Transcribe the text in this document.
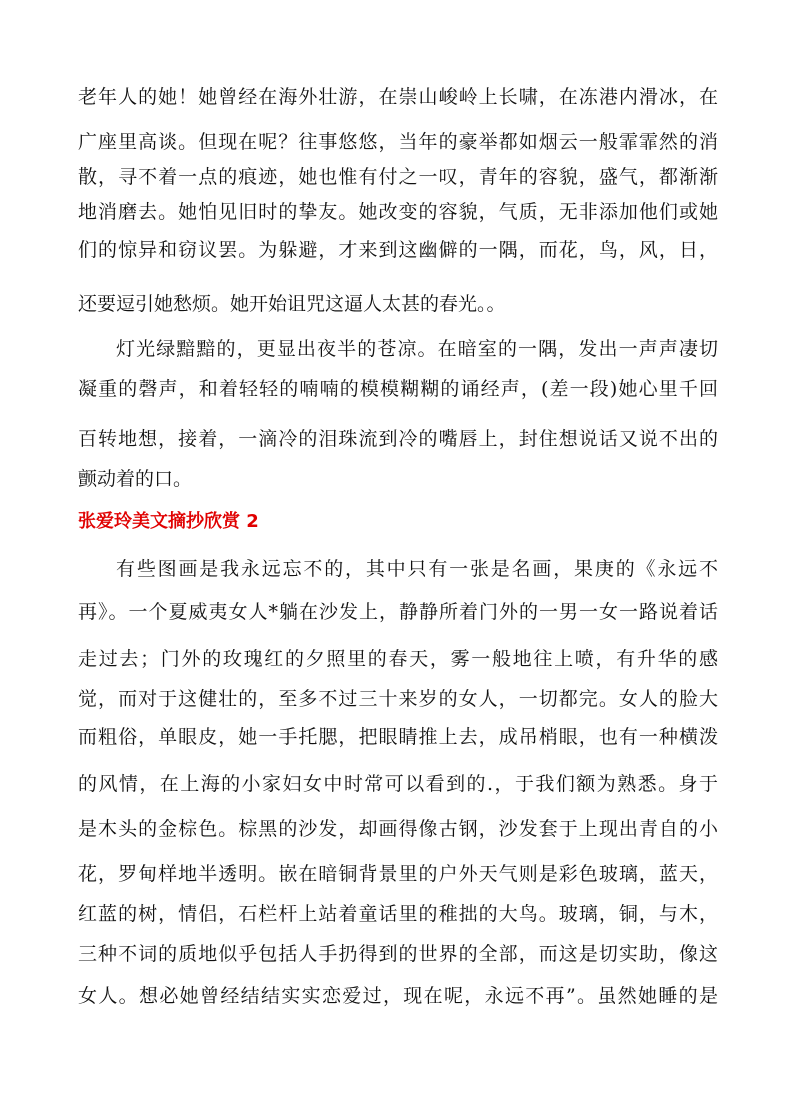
老年人的她！她曾经在海外壮游，在崇山峻岭上长啸，在冻港内滑冰，在
广座里高谈。但现在呢？往事悠悠，当年的豪举都如烟云一般霏霏然的消
散，寻不着一点的痕迹，她也惟有付之一叹，青年的容貌，盛气，都渐渐
地消磨去。她怕见旧时的挚友。她改变的容貌，气质，无非添加他们或她
们的惊异和窃议罢。为躲避，才来到这幽僻的一隅，而花，鸟，风，日，
还要逗引她愁烦。她开始诅咒这逼人太甚的春光。。
灯光绿黯黯的，更显出夜半的苍凉。在暗室的一隅，发出一声声凄切
凝重的磬声，和着轻轻的喃喃的模模糊糊的诵经声，(差一段)她心里千回
百转地想，接着，一滴冷的泪珠流到冷的嘴唇上，封住想说话又说不出的
颤动着的口。
张爱玲美文摘抄欣赏 2
有些图画是我永远忘不的，其中只有一张是名画，果庚的《永远不
再》。一个夏威夷女人*躺在沙发上，静静所着门外的一男一女一路说着话
走过去；门外的玫瑰红的夕照里的春天，雾一般地往上喷，有升华的感
觉，而对于这健壮的，至多不过三十来岁的女人，一切都完。女人的脸大
而粗俗，单眼皮，她一手托腮，把眼睛推上去，成吊梢眼，也有一种横泼
的风情，在上海的小家妇女中时常可以看到的.，于我们额为熟悉。身于
是木头的金棕色。棕黑的沙发，却画得像古钢，沙发套于上现出青自的小
花，罗甸样地半透明。嵌在暗铜背景里的户外天气则是彩色玻璃，蓝天，
红蓝的树，情侣，石栏杆上站着童话里的稚拙的大鸟。玻璃，铜，与木，
三种不词的质地似乎包括人手扔得到的世界的全部，而这是切实助，像这
女人。想必她曾经结结实实恋爱过，现在呢，永远不再”。虽然她睡的是
